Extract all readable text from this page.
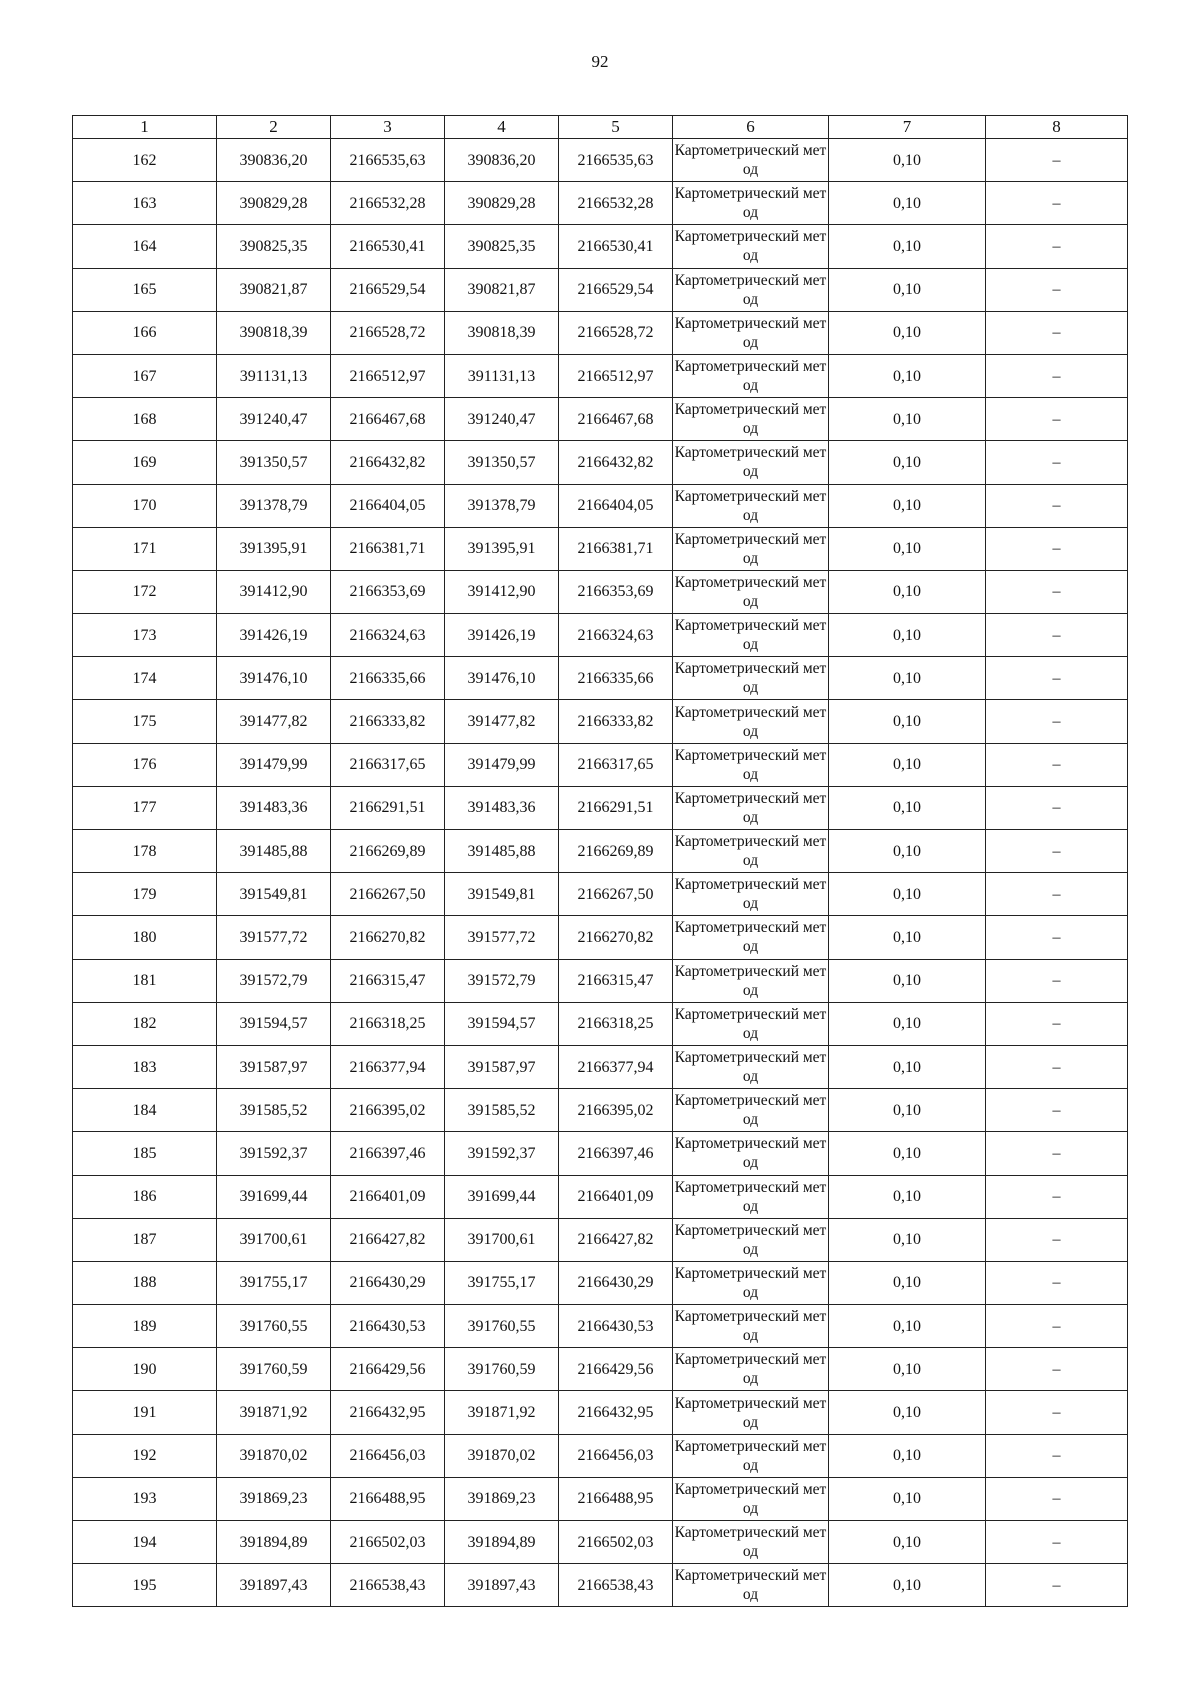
92
1	2	3	4	5	6	7	8
162	390836,20	2166535,63	390836,20	2166535,63	Картометрический метод	0,10	–
163	390829,28	2166532,28	390829,28	2166532,28	Картометрический метод	0,10	–
164	390825,35	2166530,41	390825,35	2166530,41	Картометрический метод	0,10	–
165	390821,87	2166529,54	390821,87	2166529,54	Картометрический метод	0,10	–
166	390818,39	2166528,72	390818,39	2166528,72	Картометрический метод	0,10	–
167	391131,13	2166512,97	391131,13	2166512,97	Картометрический метод	0,10	–
168	391240,47	2166467,68	391240,47	2166467,68	Картометрический метод	0,10	–
169	391350,57	2166432,82	391350,57	2166432,82	Картометрический метод	0,10	–
170	391378,79	2166404,05	391378,79	2166404,05	Картометрический метод	0,10	–
171	391395,91	2166381,71	391395,91	2166381,71	Картометрический метод	0,10	–
172	391412,90	2166353,69	391412,90	2166353,69	Картометрический метод	0,10	–
173	391426,19	2166324,63	391426,19	2166324,63	Картометрический метод	0,10	–
174	391476,10	2166335,66	391476,10	2166335,66	Картометрический метод	0,10	–
175	391477,82	2166333,82	391477,82	2166333,82	Картометрический метод	0,10	–
176	391479,99	2166317,65	391479,99	2166317,65	Картометрический метод	0,10	–
177	391483,36	2166291,51	391483,36	2166291,51	Картометрический метод	0,10	–
178	391485,88	2166269,89	391485,88	2166269,89	Картометрический метод	0,10	–
179	391549,81	2166267,50	391549,81	2166267,50	Картометрический метод	0,10	–
180	391577,72	2166270,82	391577,72	2166270,82	Картометрический метод	0,10	–
181	391572,79	2166315,47	391572,79	2166315,47	Картометрический метод	0,10	–
182	391594,57	2166318,25	391594,57	2166318,25	Картометрический метод	0,10	–
183	391587,97	2166377,94	391587,97	2166377,94	Картометрический метод	0,10	–
184	391585,52	2166395,02	391585,52	2166395,02	Картометрический метод	0,10	–
185	391592,37	2166397,46	391592,37	2166397,46	Картометрический метод	0,10	–
186	391699,44	2166401,09	391699,44	2166401,09	Картометрический метод	0,10	–
187	391700,61	2166427,82	391700,61	2166427,82	Картометрический метод	0,10	–
188	391755,17	2166430,29	391755,17	2166430,29	Картометрический метод	0,10	–
189	391760,55	2166430,53	391760,55	2166430,53	Картометрический метод	0,10	–
190	391760,59	2166429,56	391760,59	2166429,56	Картометрический метод	0,10	–
191	391871,92	2166432,95	391871,92	2166432,95	Картометрический метод	0,10	–
192	391870,02	2166456,03	391870,02	2166456,03	Картометрический метод	0,10	–
193	391869,23	2166488,95	391869,23	2166488,95	Картометрический метод	0,10	–
194	391894,89	2166502,03	391894,89	2166502,03	Картометрический метод	0,10	–
195	391897,43	2166538,43	391897,43	2166538,43	Картометрический метод	0,10	–
